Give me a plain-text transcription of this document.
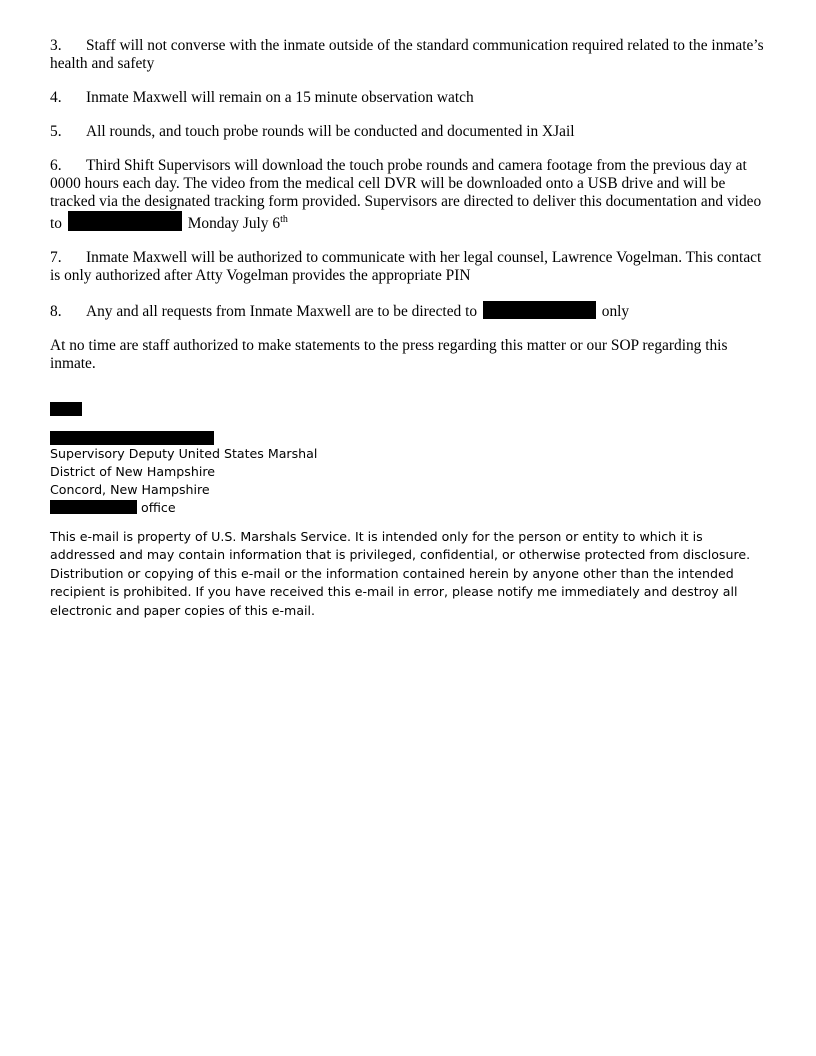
3. Staff will not converse with the inmate outside of the standard communication required related to the inmate’s health and safety
4. Inmate Maxwell will remain on a 15 minute observation watch
5. All rounds, and touch probe rounds will be conducted and documented in XJail
6. Third Shift Supervisors will download the touch probe rounds and camera footage from the previous day at 0000 hours each day. The video from the medical cell DVR will be downloaded onto a USB drive and will be tracked via the designated tracking form provided. Supervisors are directed to deliver this documentation and video to	Monday July 6th
7. Inmate Maxwell will be authorized to communicate with her legal counsel, Lawrence Vogelman. This contact is only authorized after Atty Vogelman provides the appropriate PIN
8. Any and all requests from Inmate Maxwell are to be directed to	only
At no time are staff authorized to make statements to the press regarding this matter or our SOP regarding this inmate.
Supervisory Deputy United States Marshal
District of New Hampshire
Concord, New Hampshire
office
This e-mail is property of U.S. Marshals Service. It is intended only for the person or entity to which it is addressed and may contain information that is privileged, confidential, or otherwise protected from disclosure. Distribution or copying of this e-mail or the information contained herein by anyone other than the intended recipient is prohibited. If you have received this e-mail in error, please notify me immediately and destroy all electronic and paper copies of this e-mail.
